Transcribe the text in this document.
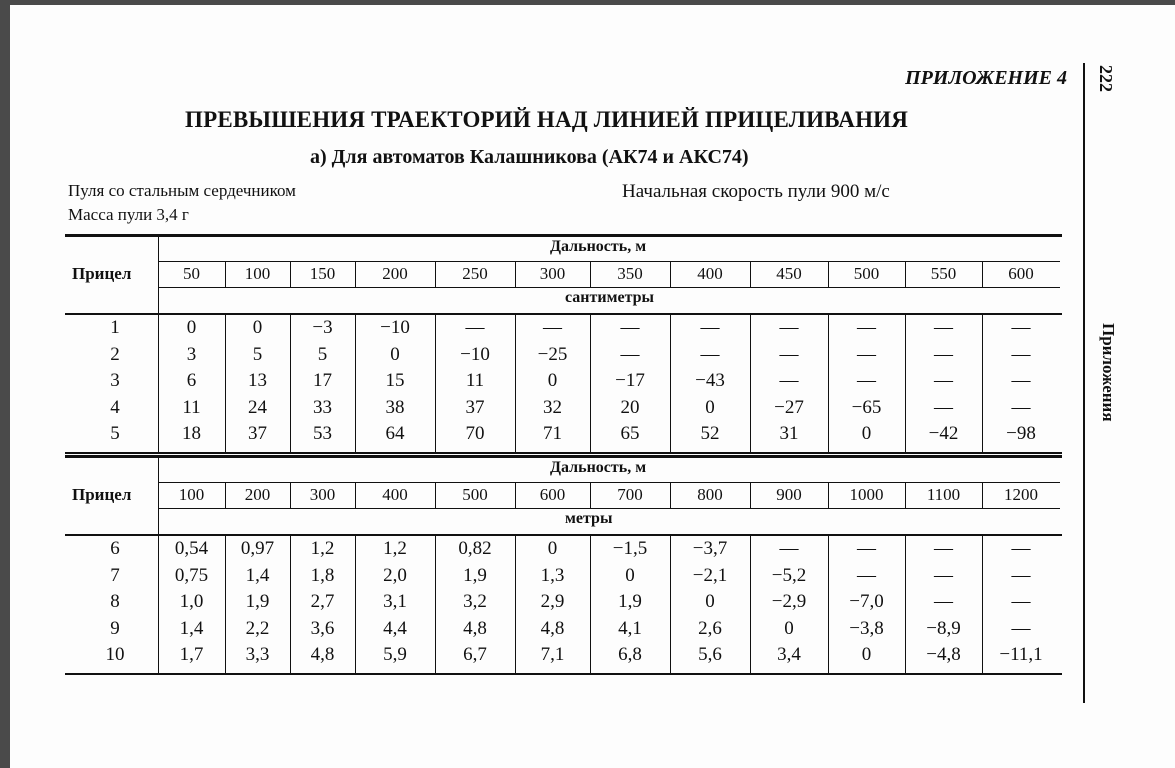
ПРИЛОЖЕНИЕ 4 222
Приложения
ПРЕВЫШЕНИЯ ТРАЕКТОРИЙ НАД ЛИНИЕЙ ПРИЦЕЛИВАНИЯ
а) Для автоматов Калашникова (АК74 и АКС74)
Пуля со стальным сердечником
Масса пули 3,4 г
Начальная скорость пули 900 м/с
Дальность, м
Прицел
сантиметры
50	100	150	200	250	300	350	400	450	500	550	600
1	0	0	−3	−10	—	—	—	—	—	—	—	—
2	3	5	5	0	−10	−25	—	—	—	—	—	—
3	6	13	17	15	11	0	−17	−43	—	—	—	—
4	11	24	33	38	37	32	20	0	−27	−65	—	—
5	18	37	53	64	70	71	65	52	31	0	−42	−98
Дальность, м
Прицел
метры
100	200	300	400	500	600	700	800	900	1000	1100	1200
6	0,54	0,97	1,2	1,2	0,82	0	−1,5	−3,7	—	—	—	—
7	0,75	1,4	1,8	2,0	1,9	1,3	0	−2,1	−5,2	—	—	—
8	1,0	1,9	2,7	3,1	3,2	2,9	1,9	0	−2,9	−7,0	—	—
9	1,4	2,2	3,6	4,4	4,8	4,8	4,1	2,6	0	−3,8	−8,9	—
10	1,7	3,3	4,8	5,9	6,7	7,1	6,8	5,6	3,4	0	−4,8	−11,1
